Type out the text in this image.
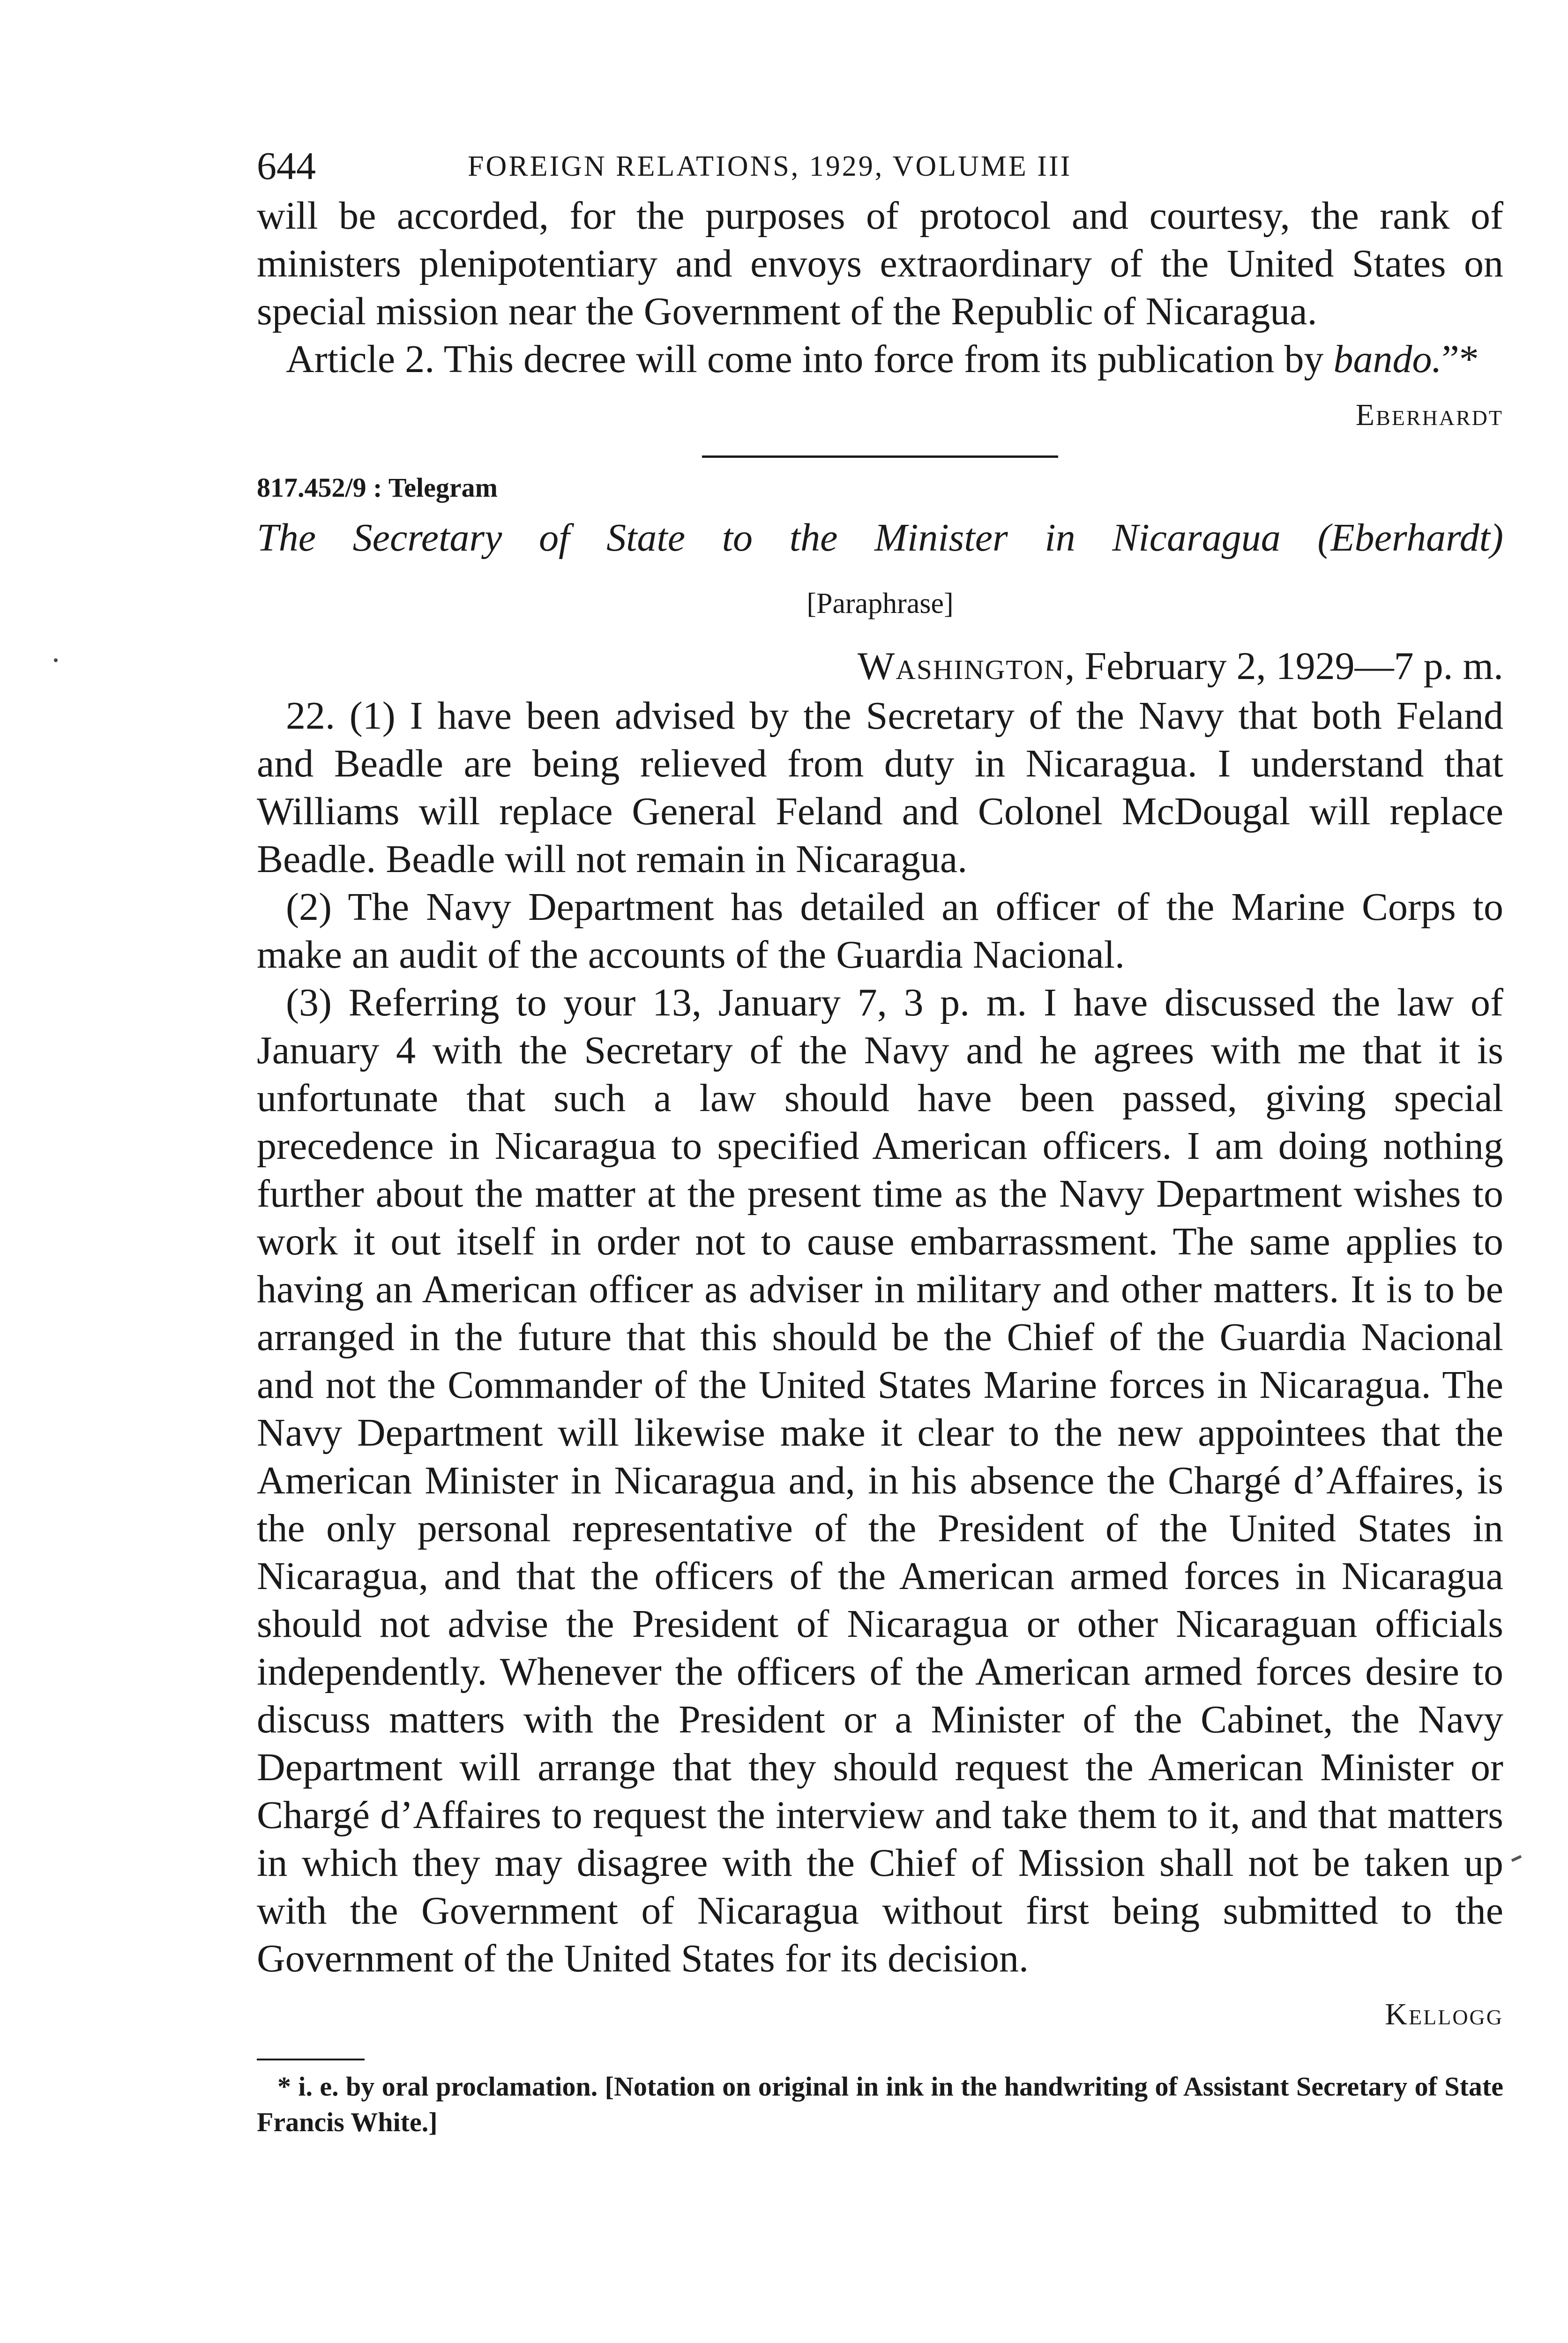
644	FOREIGN RELATIONS, 1929, VOLUME III

will be accorded, for the purposes of protocol and courtesy, the rank of ministers plenipotentiary and envoys extraordinary of the United States on special mission near the Government of the Republic of Nicaragua.

Article 2. This decree will come into force from its publication by bando.”*

Eberhardt

817.452/9 : Telegram

The Secretary of State to the Minister in Nicaragua (Eberhardt)

[Paraphrase]

Washington, February 2, 1929—7 p. m.

22. (1) I have been advised by the Secretary of the Navy that both Feland and Beadle are being relieved from duty in Nicaragua. I understand that Williams will replace General Feland and Colonel McDougal will replace Beadle. Beadle will not remain in Nicaragua.

(2) The Navy Department has detailed an officer of the Marine Corps to make an audit of the accounts of the Guardia Nacional.

(3) Referring to your 13, January 7, 3 p. m. I have discussed the law of January 4 with the Secretary of the Navy and he agrees with me that it is unfortunate that such a law should have been passed, giving special precedence in Nicaragua to specified American officers. I am doing nothing further about the matter at the present time as the Navy Department wishes to work it out itself in order not to cause embarrassment. The same applies to having an American officer as adviser in military and other matters. It is to be arranged in the future that this should be the Chief of the Guardia Nacional and not the Commander of the United States Marine forces in Nicaragua. The Navy Department will likewise make it clear to the new appointees that the American Minister in Nicaragua and, in his absence the Chargé d’Affaires, is the only personal representative of the President of the United States in Nicaragua, and that the officers of the American armed forces in Nicaragua should not advise the President of Nicaragua or other Nicaraguan officials independently. Whenever the officers of the American armed forces desire to discuss matters with the President or a Minister of the Cabinet, the Navy Department will arrange that they should request the American Minister or Chargé d’Affaires to request the interview and take them to it, and that matters in which they may disagree with the Chief of Mission shall not be taken up with the Government of Nicaragua without first being submitted to the Government of the United States for its decision.

Kellogg

* i. e. by oral proclamation. [Notation on original in ink in the handwriting of Assistant Secretary of State Francis White.]
